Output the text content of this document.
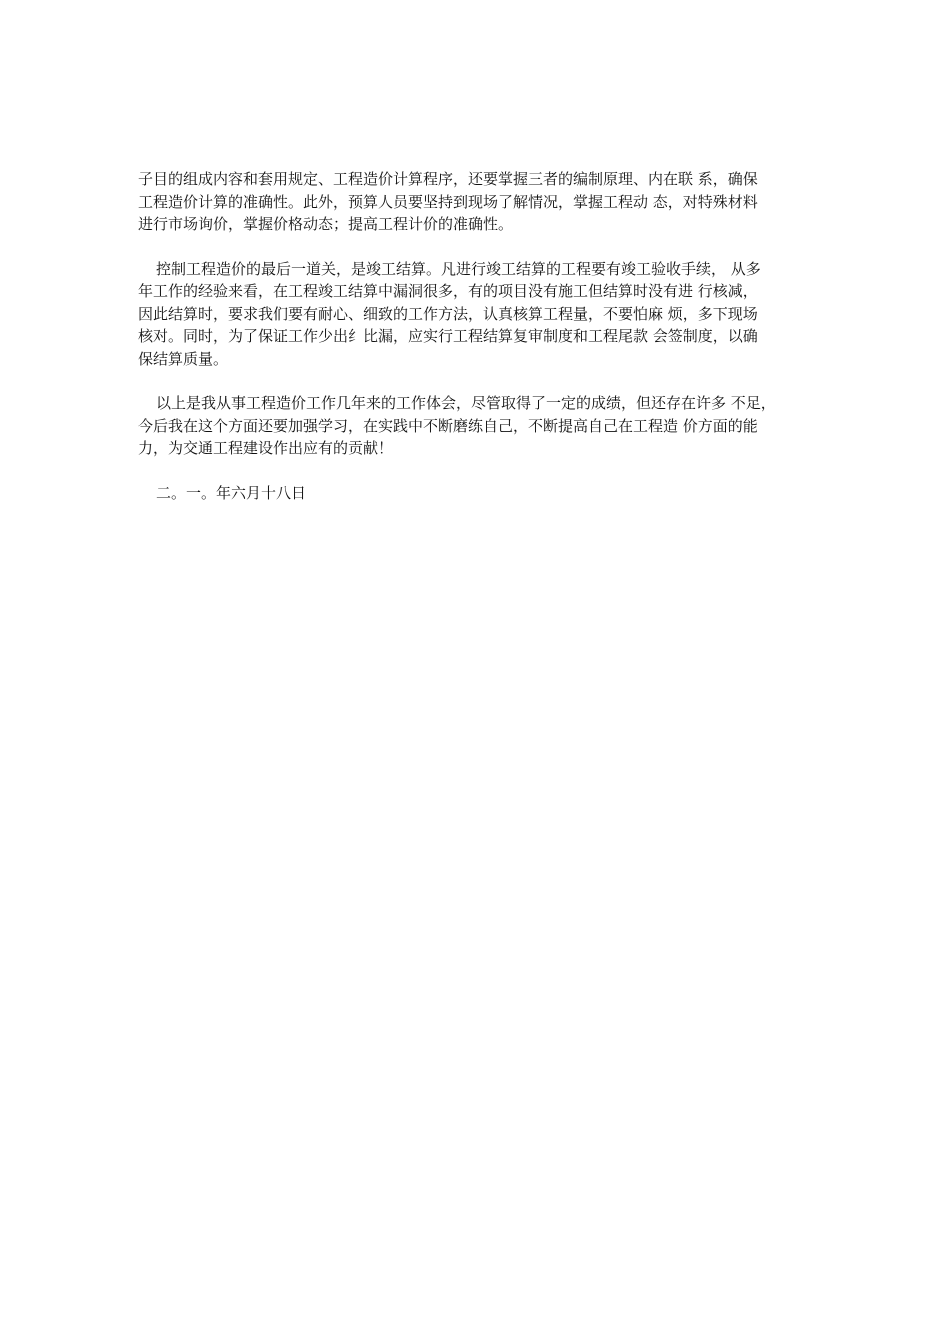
子目的组成内容和套用规定、工程造价计算程序，还要掌握三者的编制原理、内在联 系，确保
工程造价计算的准确性。此外，预算人员要坚持到现场了解情况，掌握工程动 态，对特殊材料
进行市场询价，掌握价格动态；提高工程计价的准确性。

控制工程造价的最后一道关，是竣工结算。凡进行竣工结算的工程要有竣工验收手续， 从多
年工作的经验来看，在工程竣工结算中漏洞很多，有的项目没有施工但结算时没有进 行核减，
因此结算时，要求我们要有耐心、细致的工作方法，认真核算工程量，不要怕麻 烦，多下现场
核对。同时，为了保证工作少出纟比漏，应实行工程结算复审制度和工程尾款 会签制度，以确
保结算质量。

以上是我从事工程造价工作几年来的工作体会，尽管取得了一定的成绩，但还存在许多 不足，
今后我在这个方面还要加强学习，在实践中不断磨练自己，不断提高自己在工程造 价方面的能
力，为交通工程建设作出应有的贡献！

二。一。年六月十八日
